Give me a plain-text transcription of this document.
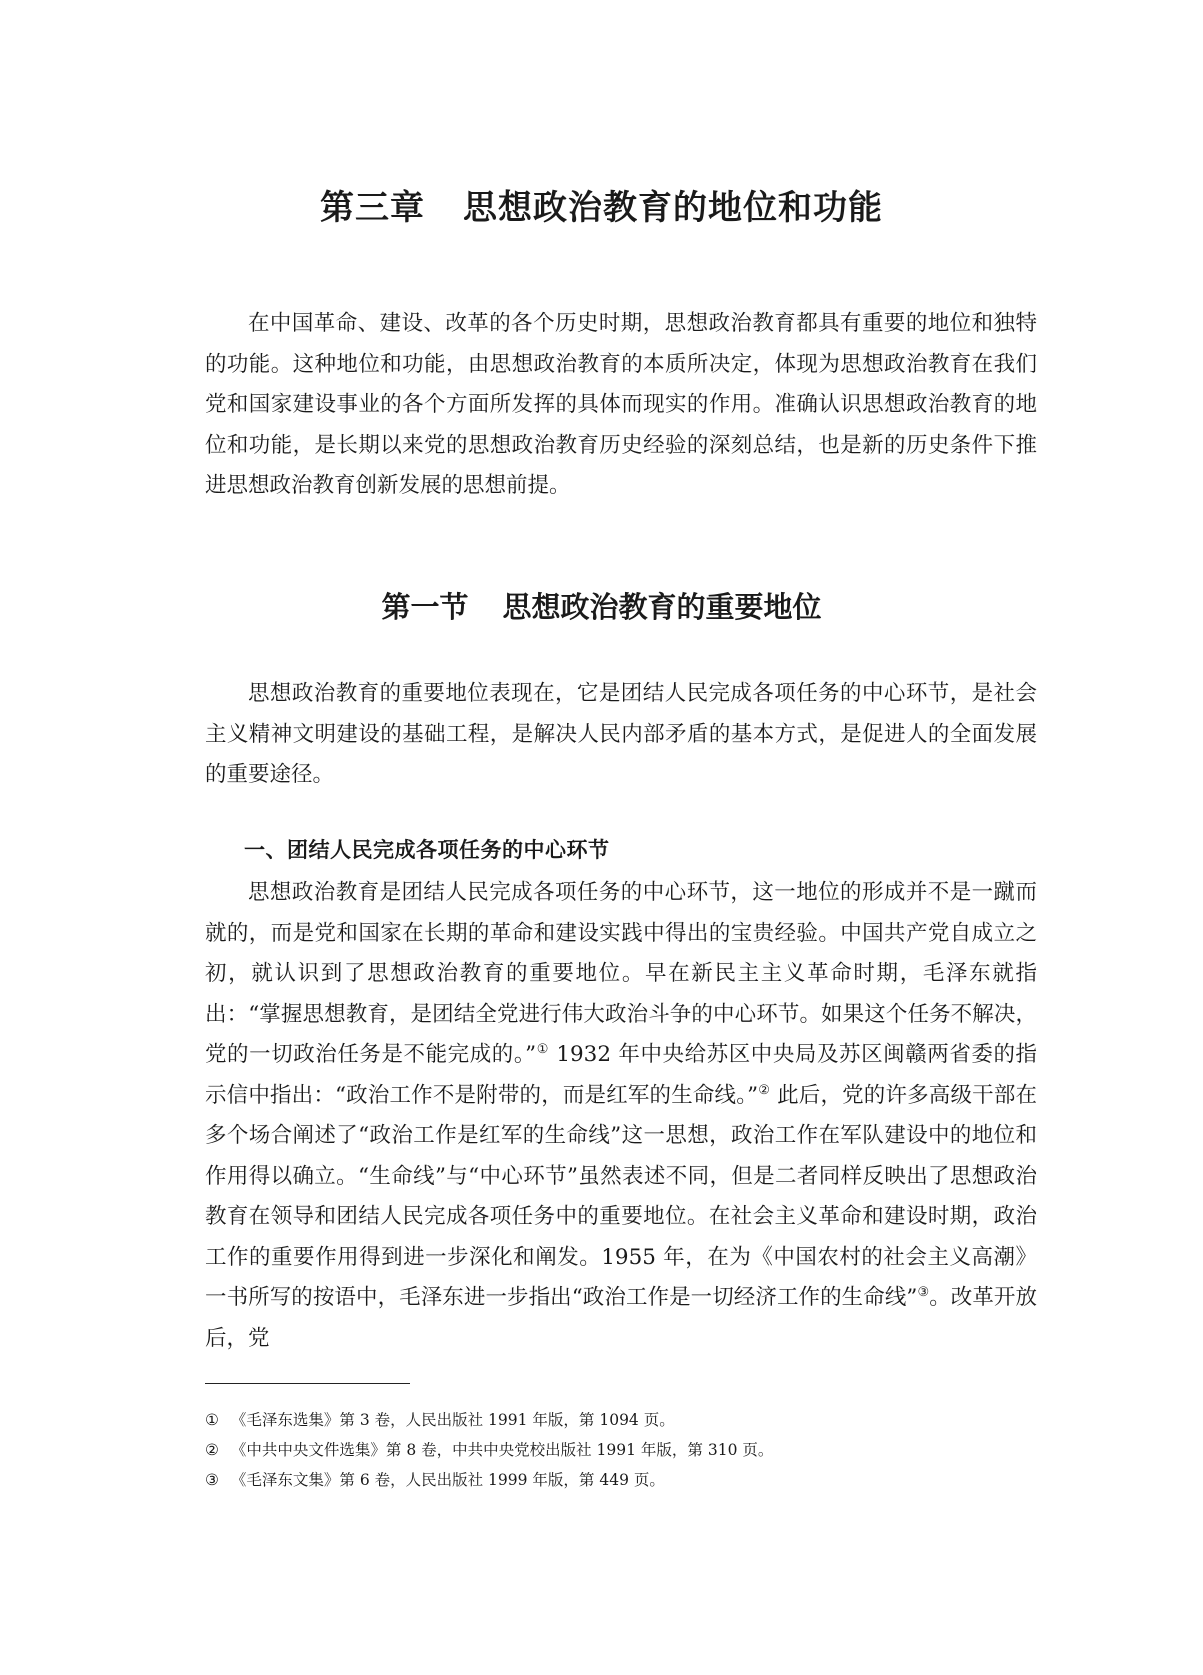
第三章 思想政治教育的地位和功能

在中国革命、建设、改革的各个历史时期，思想政治教育都具有重要的地位和独特的功能。这种地位和功能，由思想政治教育的本质所决定，体现为思想政治教育在我们党和国家建设事业的各个方面所发挥的具体而现实的作用。准确认识思想政治教育的地位和功能，是长期以来党的思想政治教育历史经验的深刻总结，也是新的历史条件下推进思想政治教育创新发展的思想前提。

第一节 思想政治教育的重要地位

思想政治教育的重要地位表现在，它是团结人民完成各项任务的中心环节，是社会主义精神文明建设的基础工程，是解决人民内部矛盾的基本方式，是促进人的全面发展的重要途径。

一、团结人民完成各项任务的中心环节

思想政治教育是团结人民完成各项任务的中心环节，这一地位的形成并不是一蹴而就的，而是党和国家在长期的革命和建设实践中得出的宝贵经验。中国共产党自成立之初，就认识到了思想政治教育的重要地位。早在新民主主义革命时期，毛泽东就指出：“掌握思想教育，是团结全党进行伟大政治斗争的中心环节。如果这个任务不解决，党的一切政治任务是不能完成的。”① 1932 年中央给苏区中央局及苏区闽赣两省委的指示信中指出：“政治工作不是附带的，而是红军的生命线。”② 此后，党的许多高级干部在多个场合阐述了“政治工作是红军的生命线”这一思想，政治工作在军队建设中的地位和作用得以确立。“生命线”与“中心环节”虽然表述不同，但是二者同样反映出了思想政治教育在领导和团结人民完成各项任务中的重要地位。在社会主义革命和建设时期，政治工作的重要作用得到进一步深化和阐发。1955 年，在为《中国农村的社会主义高潮》一书所写的按语中，毛泽东进一步指出“政治工作是一切经济工作的生命线”③。改革开放后，党

① 《毛泽东选集》第 3 卷，人民出版社 1991 年版，第 1094 页。

② 《中共中央文件选集》第 8 卷，中共中央党校出版社 1991 年版，第 310 页。

③ 《毛泽东文集》第 6 卷，人民出版社 1999 年版，第 449 页。
